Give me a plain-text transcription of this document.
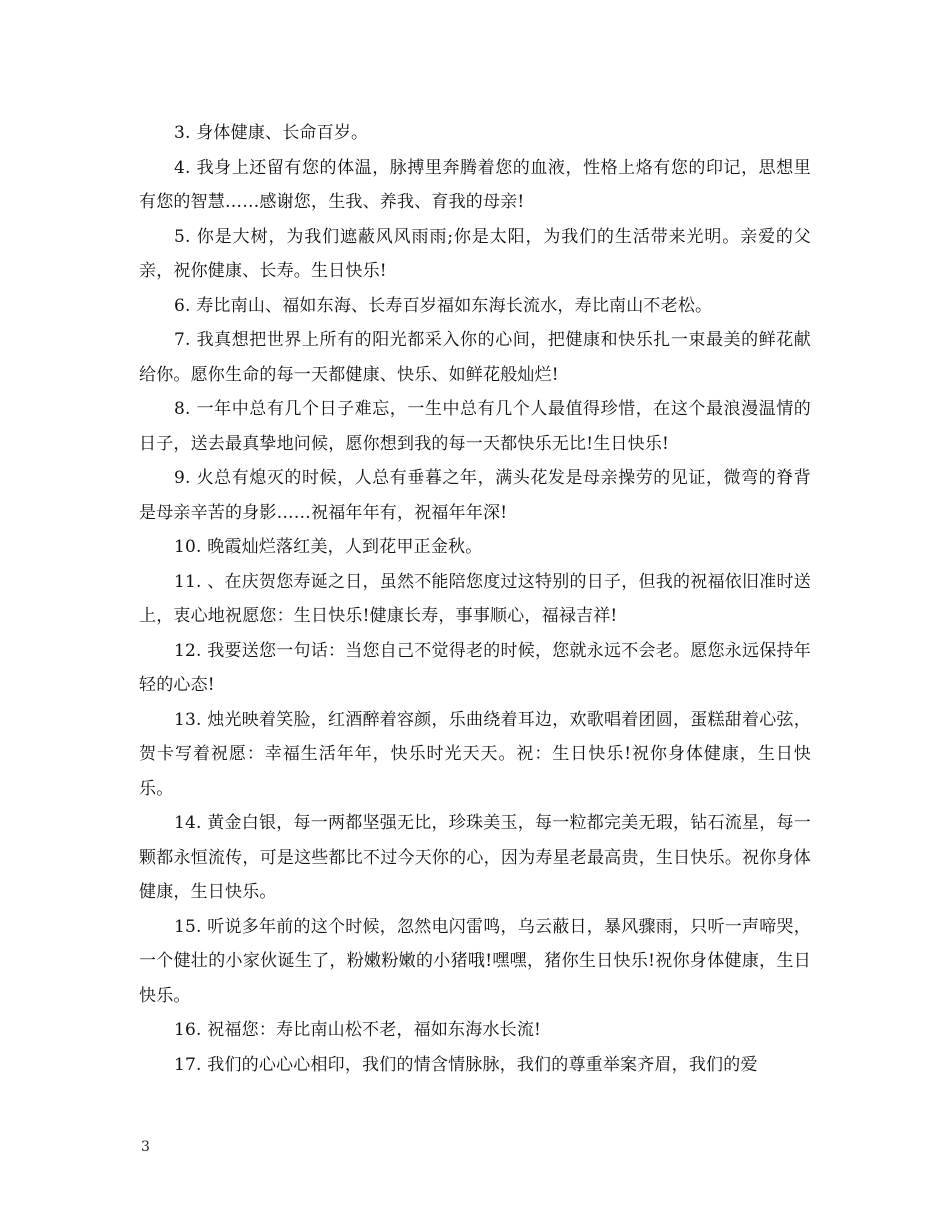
3. 身体健康、长命百岁。

4. 我身上还留有您的体温，脉搏里奔腾着您的血液，性格上烙有您的印记，思想里有您的智慧……感谢您，生我、养我、育我的母亲!

5. 你是大树，为我们遮蔽风风雨雨;你是太阳，为我们的生活带来光明。亲爱的父亲，祝你健康、长寿。生日快乐!

6. 寿比南山、福如东海、长寿百岁福如东海长流水，寿比南山不老松。

7. 我真想把世界上所有的阳光都采入你的心间，把健康和快乐扎一束最美的鲜花献给你。愿你生命的每一天都健康、快乐、如鲜花般灿烂!

8. 一年中总有几个日子难忘，一生中总有几个人最值得珍惜，在这个最浪漫温情的日子，送去最真挚地问候，愿你想到我的每一天都快乐无比!生日快乐!

9. 火总有熄灭的时候，人总有垂暮之年，满头花发是母亲操劳的见证，微弯的脊背是母亲辛苦的身影……祝福年年有，祝福年年深!

10. 晚霞灿烂落红美，人到花甲正金秋。

11. 、在庆贺您寿诞之日，虽然不能陪您度过这特别的日子，但我的祝福依旧准时送上，衷心地祝愿您：生日快乐!健康长寿，事事顺心，福禄吉祥!

12. 我要送您一句话：当您自己不觉得老的时候，您就永远不会老。愿您永远保持年轻的心态!

13. 烛光映着笑脸，红酒醉着容颜，乐曲绕着耳边，欢歌唱着团圆，蛋糕甜着心弦，贺卡写着祝愿：幸福生活年年，快乐时光天天。祝：生日快乐!祝你身体健康，生日快乐。

14. 黄金白银，每一两都坚强无比，珍珠美玉，每一粒都完美无瑕，钻石流星，每一颗都永恒流传，可是这些都比不过今天你的心，因为寿星老最高贵，生日快乐。祝你身体健康，生日快乐。

15. 听说多年前的这个时候，忽然电闪雷鸣，乌云蔽日，暴风骤雨，只听一声啼哭，一个健壮的小家伙诞生了，粉嫩粉嫩的小猪哦!嘿嘿，猪你生日快乐!祝你身体健康，生日快乐。

16. 祝福您：寿比南山松不老，福如东海水长流!

17. 我们的心心心相印，我们的情含情脉脉，我们的尊重举案齐眉，我们的爱

3
